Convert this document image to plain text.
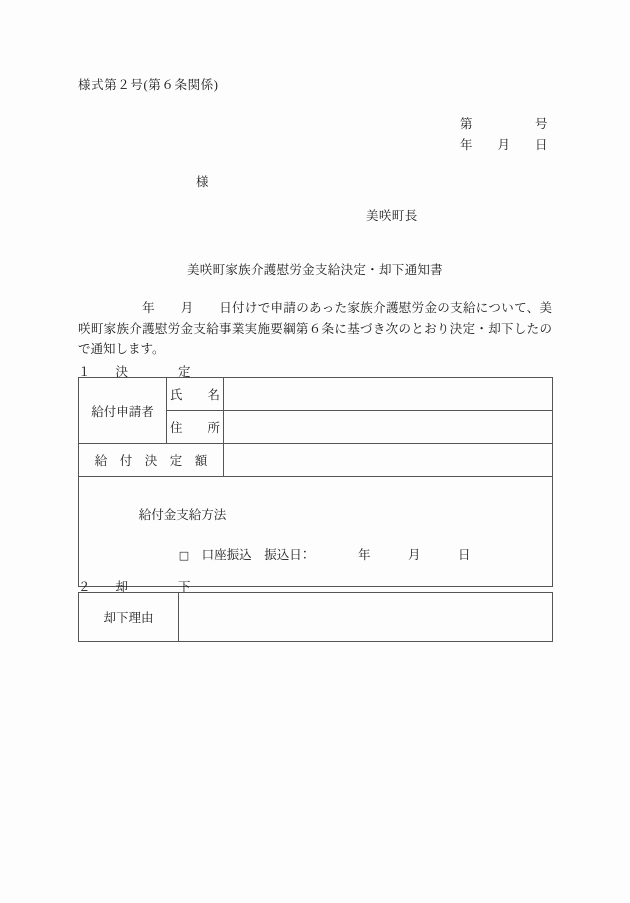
様式第２号(第６条関係)
第　　　　　号
年　　月　　日
様
美咲町長
美咲町家族介護慰労金支給決定・却下通知書
　　　　　年　　月　　日付けで申請のあった家族介護慰労金の支給について、美咲町家族介護慰労金支給事業実施要綱第６条に基づき次のとおり決定・却下したので通知します。
１　　決　　　　定
給付申請者	氏　　名	
	住　　所	
給　付　決　定　額		

給付金支給方法

□　 口座振込　 振込日：　　　　年　　　月　　　日		

２　　却　　　　下
却下理由	
